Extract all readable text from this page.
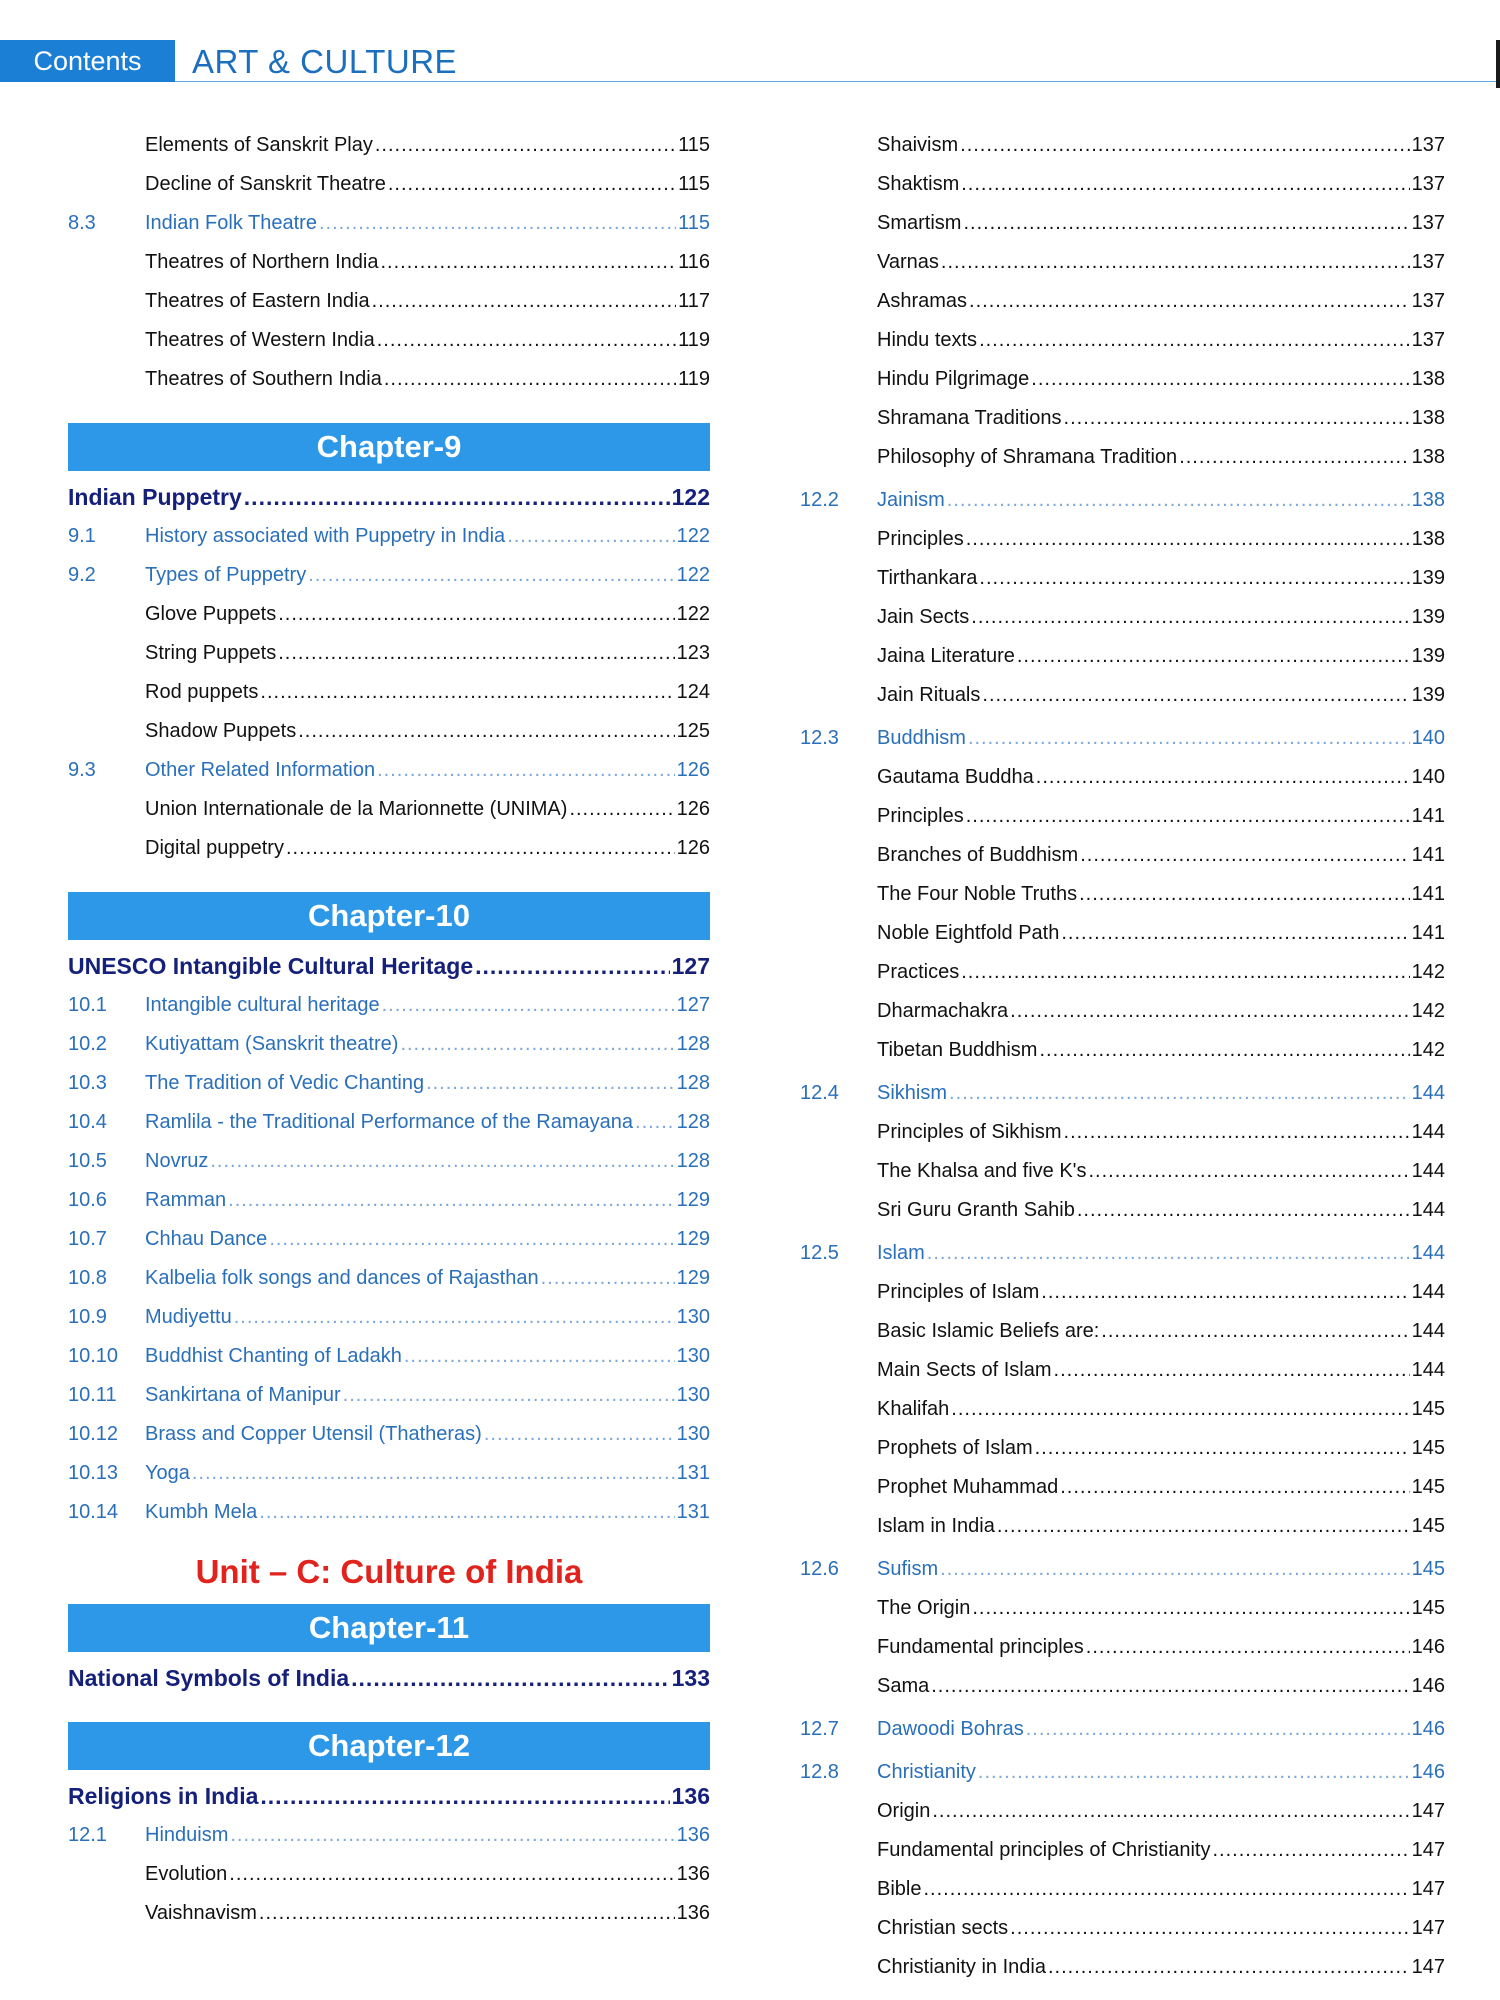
Contents	ART & CULTURE
Elements of Sanskrit Play .....	115
Decline of Sanskrit Theatre .....	115
8.3	Indian Folk Theatre .....	115
Theatres of Northern India .....	116
Theatres of Eastern India .....	117
Theatres of Western India .....	119
Theatres of Southern India .....	119
Chapter-9
Indian Puppetry .....	122
9.1	History associated with Puppetry in India .....	122
9.2	Types of Puppetry .....	122
Glove Puppets .....	122
String Puppets .....	123
Rod puppets .....	124
Shadow Puppets .....	125
9.3	Other Related Information .....	126
Union Internationale de la Marionnette (UNIMA) .....	126
Digital puppetry .....	126
Chapter-10
UNESCO Intangible Cultural Heritage .....	127
10.1	Intangible cultural heritage .....	127
10.2	Kutiyattam (Sanskrit theatre) .....	128
10.3	The Tradition of Vedic Chanting .....	128
10.4	Ramlila - the Traditional Performance of the Ramayana ..... 128
10.5	Novruz .....	128
10.6	Ramman .....	129
10.7	Chhau Dance .....	129
10.8	Kalbelia folk songs and dances of Rajasthan .....	129
10.9	Mudiyettu .....	130
10.10	Buddhist Chanting of Ladakh .....	130
10.11	Sankirtana of Manipur .....	130
10.12	Brass and Copper Utensil (Thatheras) .....	130
10.13	Yoga .....	131
10.14	Kumbh Mela .....	131
Unit – C: Culture of India
Chapter-11
National Symbols of India .....	133
Chapter-12
Religions in India .....	136
12.1	Hinduism .....	136
Evolution .....	136
Vaishnavism .....	136
Shaivism .....	137
Shaktism .....	137
Smartism .....	137
Varnas .....	137
Ashramas .....	137
Hindu texts .....	137
Hindu Pilgrimage .....	138
Shramana Traditions .....	138
Philosophy of Shramana Tradition .....	138
12.2	Jainism .....	138
Principles .....	138
Tirthankara .....	139
Jain Sects .....	139
Jaina Literature .....	139
Jain Rituals .....	139
12.3	Buddhism .....	140
Gautama Buddha .....	140
Principles .....	141
Branches of Buddhism .....	141
The Four Noble Truths .....	141
Noble Eightfold Path .....	141
Practices .....	142
Dharmachakra .....	142
Tibetan Buddhism .....	142
12.4	Sikhism .....	144
Principles of Sikhism .....	144
The Khalsa and five K's .....	144
Sri Guru Granth Sahib .....	144
12.5	Islam .....	144
Principles of Islam .....	144
Basic Islamic Beliefs are: .....	144
Main Sects of Islam .....	144
Khalifah .....	145
Prophets of Islam .....	145
Prophet Muhammad .....	145
Islam in India .....	145
12.6	Sufism .....	145
The Origin .....	145
Fundamental principles .....	146
Sama .....	146
12.7	Dawoodi Bohras .....	146
12.8	Christianity .....	146
Origin .....	147
Fundamental principles of Christianity .....	147
Bible .....	147
Christian sects .....	147
Christianity in India .....	147
